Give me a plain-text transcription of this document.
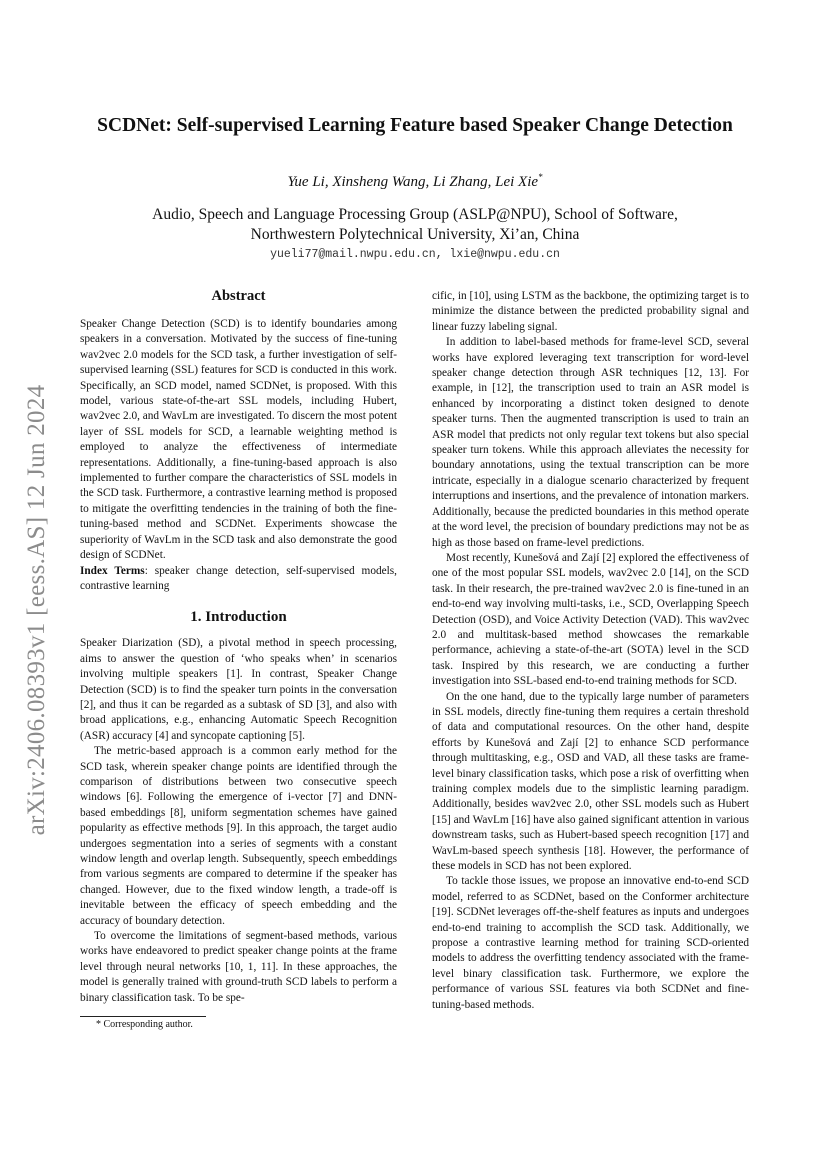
arXiv:2406.08393v1 [eess.AS] 12 Jun 2024
SCDNet: Self-supervised Learning Feature based Speaker Change Detection
Yue Li, Xinsheng Wang, Li Zhang, Lei Xie*
Audio, Speech and Language Processing Group (ASLP@NPU), School of Software,
Northwestern Polytechnical University, Xi’an, China
yueli77@mail.nwpu.edu.cn, lxie@nwpu.edu.cn
Abstract

Speaker Change Detection (SCD) is to identify boundaries among speakers in a conversation. Motivated by the success of fine-tuning wav2vec 2.0 models for the SCD task, a further investigation of self-supervised learning (SSL) features for SCD is conducted in this work. Specifically, an SCD model, named SCDNet, is proposed. With this model, various state-of-the-art SSL models, including Hubert, wav2vec 2.0, and WavLm are investigated. To discern the most potent layer of SSL models for SCD, a learnable weighting method is employed to analyze the effectiveness of intermediate representations. Additionally, a fine-tuning-based approach is also implemented to further compare the characteristics of SSL models in the SCD task. Furthermore, a contrastive learning method is proposed to mitigate the overfitting tendencies in the training of both the fine-tuning-based method and SCDNet. Experiments showcase the superiority of WavLm in the SCD task and also demonstrate the good design of SCDNet.

Index Terms: speaker change detection, self-supervised models, contrastive learning

1. Introduction

Speaker Diarization (SD), a pivotal method in speech processing, aims to answer the question of ‘who speaks when’ in scenarios involving multiple speakers [1]. In contrast, Speaker Change Detection (SCD) is to find the speaker turn points in the conversation [2], and thus it can be regarded as a subtask of SD [3], and also with broad applications, e.g., enhancing Automatic Speech Recognition (ASR) accuracy [4] and syncopate captioning [5].

The metric-based approach is a common early method for the SCD task, wherein speaker change points are identified through the comparison of distributions between two consecutive speech windows [6]. Following the emergence of i-vector [7] and DNN-based embeddings [8], uniform segmentation schemes have gained popularity as effective methods [9]. In this approach, the target audio undergoes segmentation into a series of segments with a constant window length and overlap length. Subsequently, speech embeddings from various segments are compared to determine if the speaker has changed. However, due to the fixed window length, a trade-off is inevitable between the efficacy of speech embedding and the accuracy of boundary detection.

To overcome the limitations of segment-based methods, various works have endeavored to predict speaker change points at the frame level through neural networks [10, 1, 11]. In these approaches, the model is generally trained with ground-truth SCD labels to perform a binary classification task. To be spe-

cific, in [10], using LSTM as the backbone, the optimizing target is to minimize the distance between the predicted probability signal and linear fuzzy labeling signal.

In addition to label-based methods for frame-level SCD, several works have explored leveraging text transcription for word-level speaker change detection through ASR techniques [12, 13]. For example, in [12], the transcription used to train an ASR model is enhanced by incorporating a distinct token designed to denote speaker turns. Then the augmented transcription is used to train an ASR model that predicts not only regular text tokens but also special speaker turn tokens. While this approach alleviates the necessity for boundary annotations, using the textual transcription can be more intricate, especially in a dialogue scenario characterized by frequent interruptions and insertions, and the prevalence of intonation markers. Additionally, because the predicted boundaries in this method operate at the word level, the precision of boundary predictions may not be as high as those based on frame-level predictions.

Most recently, Kunešová and Zají [2] explored the effectiveness of one of the most popular SSL models, wav2vec 2.0 [14], on the SCD task. In their research, the pre-trained wav2vec 2.0 is fine-tuned in an end-to-end way involving multi-tasks, i.e., SCD, Overlapping Speech Detection (OSD), and Voice Activity Detection (VAD). This wav2vec 2.0 and multitask-based method showcases the remarkable performance, achieving a state-of-the-art (SOTA) level in the SCD task. Inspired by this research, we are conducting a further investigation into SSL-based end-to-end training methods for SCD.

On the one hand, due to the typically large number of parameters in SSL models, directly fine-tuning them requires a certain threshold of data and computational resources. On the other hand, despite efforts by Kunešová and Zají [2] to enhance SCD performance through multitasking, e.g., OSD and VAD, all these tasks are frame-level binary classification tasks, which pose a risk of overfitting when training complex models due to the simplistic learning paradigm. Additionally, besides wav2vec 2.0, other SSL models such as Hubert [15] and WavLm [16] have also gained significant attention in various downstream tasks, such as Hubert-based speech recognition [17] and WavLm-based speech synthesis [18]. However, the performance of these models in SCD has not been explored.

To tackle those issues, we propose an innovative end-to-end SCD model, referred to as SCDNet, based on the Conformer architecture [19]. SCDNet leverages off-the-shelf features as inputs and undergoes end-to-end training to accomplish the SCD task. Additionally, we propose a contrastive learning method for training SCD-oriented models to address the overfitting tendency associated with the frame-level binary classification task. Furthermore, we explore the performance of various SSL features via both SCDNet and fine-tuning-based methods.

* Corresponding author.
